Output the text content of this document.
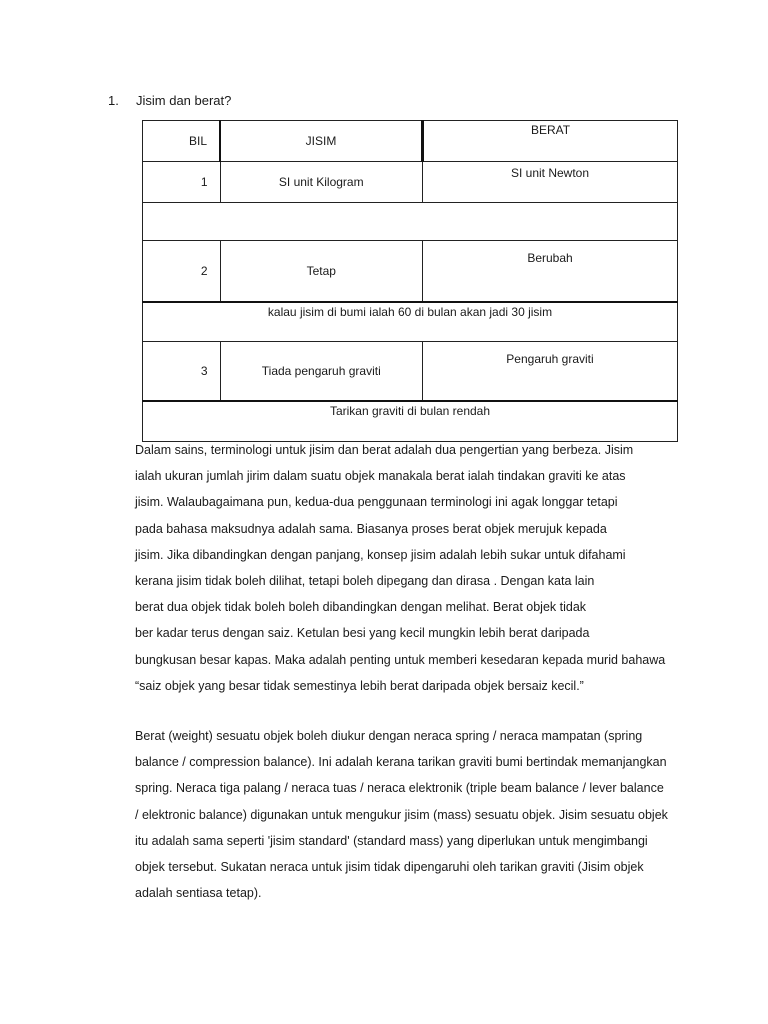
1. Jisim dan berat?
BIL	JISIM	BERAT
1	SI unit Kilogram	SI unit Newton

2	Tetap	Berubah
kalau jisim di bumi ialah 60 di bulan akan jadi 30 jisim		
3	Tiada pengaruh graviti	Pengaruh graviti
Tarikan graviti di bulan rendah		
Dalam sains, terminologi untuk jisim dan berat adalah dua pengertian yang berbeza. Jisim
ialah ukuran jumlah jirim dalam suatu objek manakala berat ialah tindakan graviti ke atas
jisim. Walaubagaimana pun, kedua-dua penggunaan terminologi ini agak longgar tetapi
pada bahasa maksudnya adalah sama. Biasanya proses berat objek merujuk kepada
jisim. Jika dibandingkan dengan panjang, konsep jisim adalah lebih sukar untuk difahami
kerana jisim tidak boleh dilihat, tetapi boleh dipegang dan dirasa . Dengan kata lain
berat dua objek tidak boleh boleh dibandingkan dengan melihat. Berat objek tidak
ber kadar terus dengan saiz. Ketulan besi yang kecil mungkin lebih berat daripada
bungkusan besar kapas. Maka adalah penting untuk memberi kesedaran kepada murid bahawa
“saiz objek yang besar tidak semestinya lebih berat daripada objek bersaiz kecil.”
Berat (weight) sesuatu objek boleh diukur dengan neraca spring / neraca mampatan (spring
balance / compression balance). Ini adalah kerana tarikan graviti bumi bertindak memanjangkan
spring. Neraca tiga palang / neraca tuas / neraca elektronik (triple beam balance / lever balance
/ elektronic balance) digunakan untuk mengukur jisim (mass) sesuatu objek. Jisim sesuatu objek
itu adalah sama seperti 'jisim standard' (standard mass) yang diperlukan untuk mengimbangi
objek tersebut. Sukatan neraca untuk jisim tidak dipengaruhi oleh tarikan graviti (Jisim objek
adalah sentiasa tetap).
